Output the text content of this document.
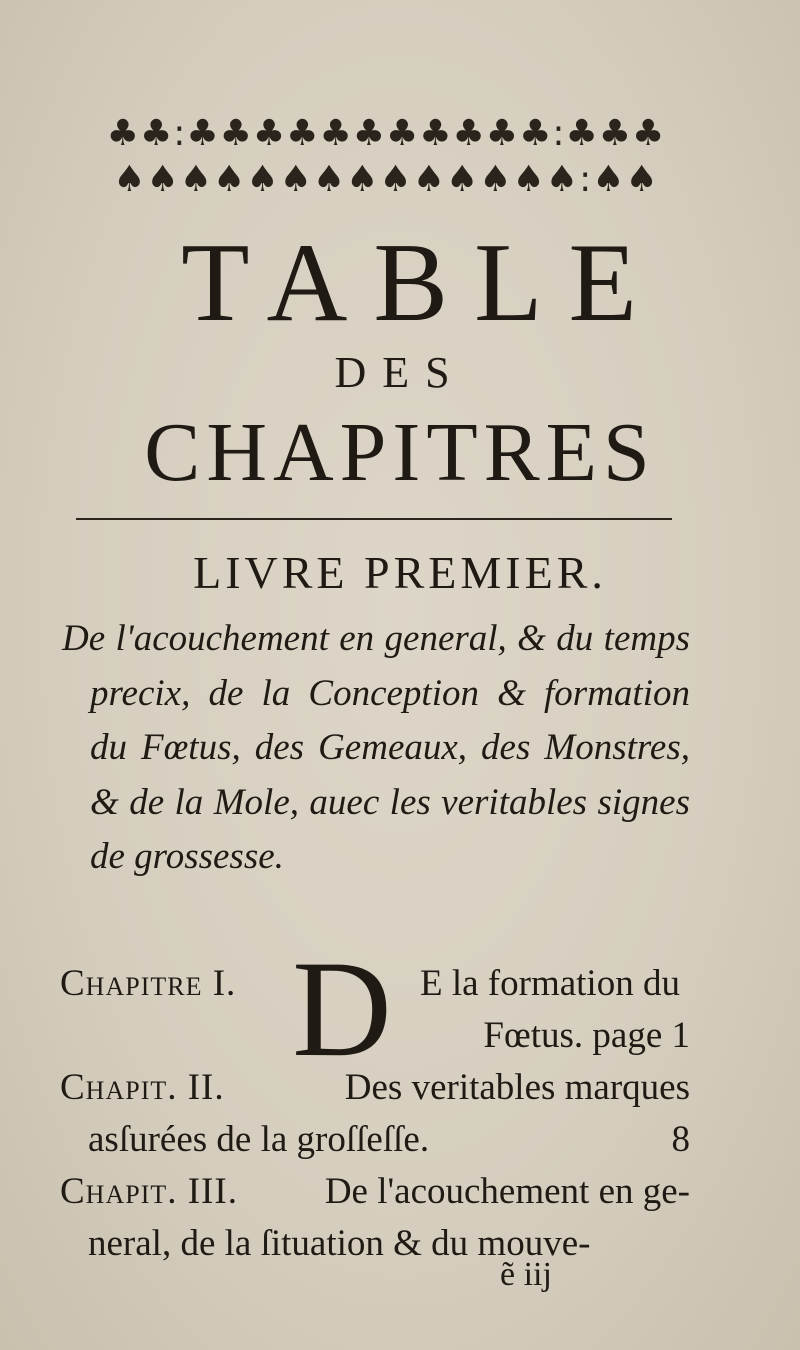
♣♣:♣♣♣♣♣♣♣♣♣♣♣:♣♣♣
♠♠♠♠♠♠♠♠♠♠♠♠♠♠:♠♠
TABLE
DES
CHAPITRES
LIVRE PREMIER.
De l'acouchement en general, & du temps precix, de la Conception & formation du Fœtus, des Gemeaux, des Monstres, & de la Mole, auec les veritables signes de grossesse.
Chapitre I. D E la formation du
Fœtus. page 1
Chapit. II.	Des veritables marques
asſurées de la groſſeſſe.	8
Chapit. III. De l'acouchement en ge-
neral, de la ſituation & du mouve-
ẽ iij
